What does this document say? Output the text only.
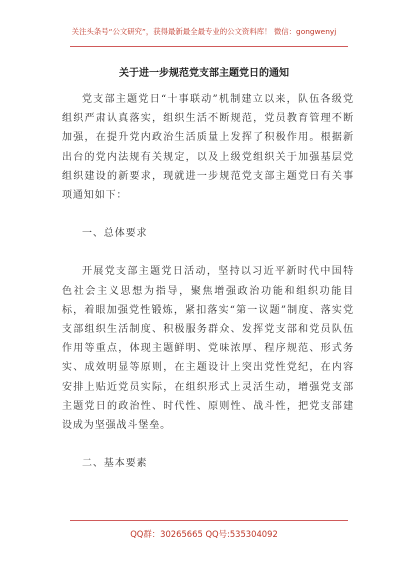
关注头条号“公文研究”，获得最新最全最专业的公文资料库！ 微信：gongwenyj
关于进一步规范党支部主题党日的通知

党支部主题党日“十事联动”机制建立以来，队伍各级党组织严肃认真落实，组织生活不断规范，党员教育管理不断加强，在提升党内政治生活质量上发挥了积极作用。根据新出台的党内法规有关规定，以及上级党组织关于加强基层党组织建设的新要求，现就进一步规范党支部主题党日有关事项通知如下：

一、总体要求

开展党支部主题党日活动，坚持以习近平新时代中国特色社会主义思想为指导，聚焦增强政治功能和组织功能目标，着眼加强党性锻炼，紧扣落实“第一议题”制度、落实党支部组织生活制度、积极服务群众、发挥党支部和党员队伍作用等重点，体现主题鲜明、党味浓厚、程序规范、形式务实、成效明显等原则，在主题设计上突出党性党纪，在内容安排上贴近党员实际，在组织形式上灵活生动，增强党支部主题党日的政治性、时代性、原则性、战斗性，把党支部建设成为坚强战斗堡垒。

二、基本要素
QQ群：30265665 QQ号:535304092
